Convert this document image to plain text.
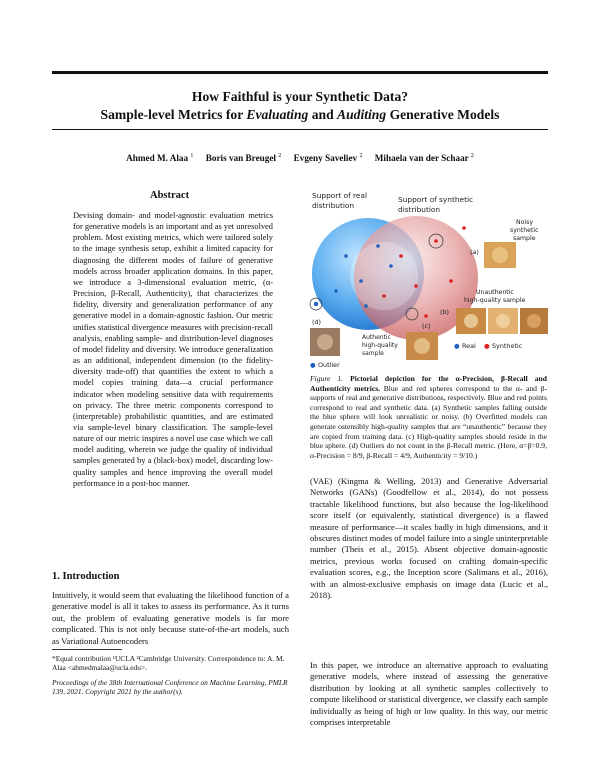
How Faithful is your Synthetic Data?
Sample-level Metrics for Evaluating and Auditing Generative Models
Ahmed M. Alaa $^1$ Boris van Breugel $^2$ Evgeny Saveliev $^2$ Mihaela van der Schaar $^2$
Abstract
Devising domain- and model-agnostic evaluation metrics for generative models is an important and as yet unresolved problem. Most existing metrics, which were tailored solely to the image synthesis setup, exhibit a limited capacity for diagnosing the different modes of failure of generative models across broader application domains. In this paper, we introduce a 3-dimensional evaluation metric, (α-Precision, β-Recall, Authenticity), that characterizes the fidelity, diversity and generalization performance of any generative model in a domain-agnostic fashion. Our metric unifies statistical divergence measures with precision-recall analysis, enabling sample- and distribution-level diagnoses of model fidelity and diversity. We introduce generalization as an additional, independent dimension (to the fidelity-diversity trade-off) that quantifies the extent to which a model copies training data—a crucial performance indicator when modeling sensitive data with requirements on privacy. The three metric components correspond to (interpretable) probabilistic quantities, and are estimated via sample-level binary classification. The sample-level nature of our metric inspires a novel use case which we call model auditing, wherein we judge the quality of individual samples generated by a (black-box) model, discarding low-quality samples and hence improving the overall model performance in a post-hoc manner.
1. Introduction
Intuitively, it would seem that evaluating the likelihood function of a generative model is all it takes to assess its performance. As it turns out, the problem of evaluating generative models is far more complicated. This is not only because state-of-the-art models, such as Variational Autoencoders
*Equal contribution ¹UCLA ²Cambridge University. Correspondence to: A. M. Alaa <ahmedmalaa@ucla.edu>.
Proceedings of the 38th International Conference on Machine Learning, PMLR 139, 2021. Copyright 2021 by the author(s).
Support of real distribution
Support of synthetic distribution
Noisy synthetic sample
Unauthentic high-quality sample
Authentic high-quality sample
(a)
(b)
(c)
(d)
● Outlier
● Real ● Synthetic
Figure 1. Pictorial depiction for the α-Precision, β-Recall and Authenticity metrics. Blue and red spheres correspond to the α- and β-supports of real and generative distributions, respectively. Blue and red points correspond to real and synthetic data. (a) Synthetic samples falling outside the blue sphere will look unrealistic or noisy. (b) Overfitted models can generate ostensibly high-quality samples that are “unauthentic” because they are copied from training data. (c) High-quality samples should reside in the blue sphere. (d) Outliers do not count in the β-Recall metric. (Here, α=β=0.9, α-Precision = 8/9, β-Recall = 4/9, Authenticity = 9/10.)
(VAE) (Kingma & Welling, 2013) and Generative Adversarial Networks (GANs) (Goodfellow et al., 2014), do not possess tractable likelihood functions, but also because the log-likelihood score itself (or equivalently, statistical divergence) is a flawed measure of performance—it scales badly in high dimensions, and it obscures distinct modes of model failure into a single uninterpretable number (Theis et al., 2015). Absent objective domain-agnostic metrics, previous works focused on crafting domain-specific evaluation scores, e.g., the Inception score (Salimans et al., 2016), with an almost-exclusive emphasis on image data (Lucic et al., 2018).
In this paper, we introduce an alternative approach to evaluating generative models, where instead of assessing the generative distribution by looking at all synthetic samples collectively to compute likelihood or statistical divergence, we classify each sample individually as being of high or low quality. In this way, our metric comprises interpretable
